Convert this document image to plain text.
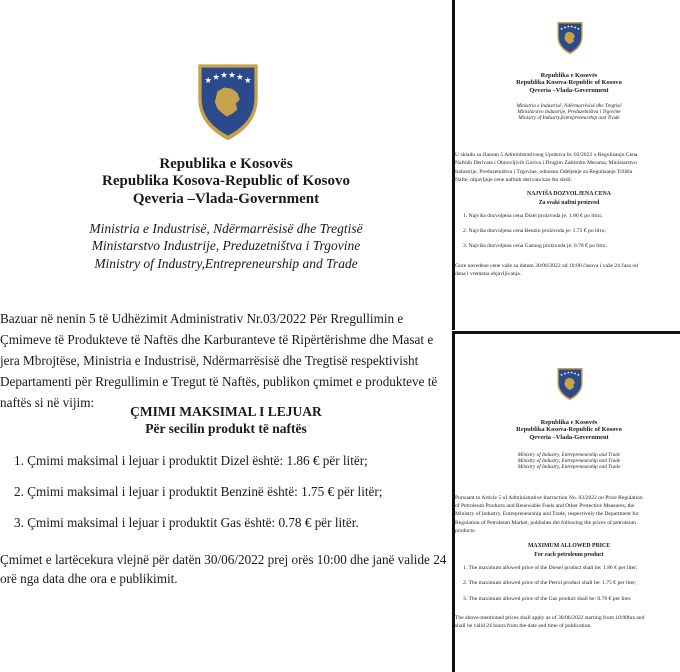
Republika e Kosovës
Republika Kosova-Republic of Kosovo
Qeveria –Vlada-Government
Ministria e Industrisë, Ndërmarrësisë dhe Tregtisë
Ministarstvo Industrije, Preduzetništva i Trgovine
Ministry of Industry,Entrepreneurship and Trade
Bazuar në nenin 5 të Udhëzimit Administrativ Nr.03/2022 Për Rregullimin e
Çmimeve të Produkteve të Naftës dhe Karburanteve të Ripërtërishme dhe Masat e
jera Mbrojtëse, Ministria e Industrisë, Ndërmarrësisë dhe Tregtisë respektivisht
Departamenti për Rregullimin e Tregut të Naftës, publikon çmimet e produkteve të
naftës si në vijim:
ÇMIMI MAKSIMAL I LEJUAR
Për secilin produkt të naftës
1. Çmimi maksimal i lejuar i produktit Dizel është: 1.86 € për litër;
2. Çmimi maksimal i lejuar i produktit Benzinë është: 1.75 € për litër;
3. Çmimi maksimal i lejuar i produktit Gas është: 0.78 € për litër.
Çmimet e lartëcekura vlejnë për datën 30/06/2022 prej orës 10:00 dhe janë valide 24
orë nga data dhe ora e publikimit.
Republika e Kosovës
Republika Kosova-Republic of Kosovo
Qeveria –Vlada-Government
Ministria e Industrisë, Ndërmarrësisë dhe Tregtisë
Ministarstvo Industrije, Preduzetništva i Trgovine
Ministry of Industry,Entrepreneurship and Trade
U skladu sa članom 5 Administrativnog Uputstva br. 03/2022 o Regulisanju Cena
Naftnih Derivata i Obnovljivih Goriva i Drugim Zaštitnim Merama, Ministarstvo
Industrije, Preduzetništva i Trgovine, odnosno Odeljenje za Regulisanje Tržišta
Nafte, objavljuje cene naftnih derivata kao što sledi:
NAJVIŠA DOZVOLJENA CENA
Za svaki naftni proizvod
1. Najviša dozvoljena cena Dizel proizvoda je: 1.86 € po litru;
2. Najviša dozvoljena cena Benzin proizvoda je: 1.75 € po litru;
3. Najviša dozvoljena cena Gasnog proizvoda je: 0.78 € po litru.
Gore navedene cene važe za datum 30/06/2022 od 10:00 časova i važe 24 časa od
dana i vremena objavljivanja.
Republika e Kosovës
Republika Kosova-Republic of Kosovo
Qeveria –Vlada-Government
Ministry of Industry, Entrepreneurship and Trade
Ministry of Industry, Entrepreneurship and Trade
Ministry of Industry, Entrepreneurship and Trade
Pursuant to Article 5 of Administrative Instruction No. 03/2022 on Price Regulation
of Petroleum Products and Renewable Fuels and Other Protective Measures, the
Ministry of Industry, Entrepreneurship and Trade, respectively the Department for
Regulation of Petroleum Market, publishes the following the prices of petroleum
products:
MAXIMUM ALLOWED PRICE
For each petroleum product
1. The maximum allowed price of the Diesel product shall be: 1.86 € per liter;
2. The maximum allowed price of the Petrol product shall be: 1.75 € per liter;
3. The maximum allowed price of the Gas product shall be: 0.78 € per liter.
The above-mentioned prices shall apply as of 30/06/2022 starting from 10:00hrs and
shall be valid 24 hours from the date and time of publication.
